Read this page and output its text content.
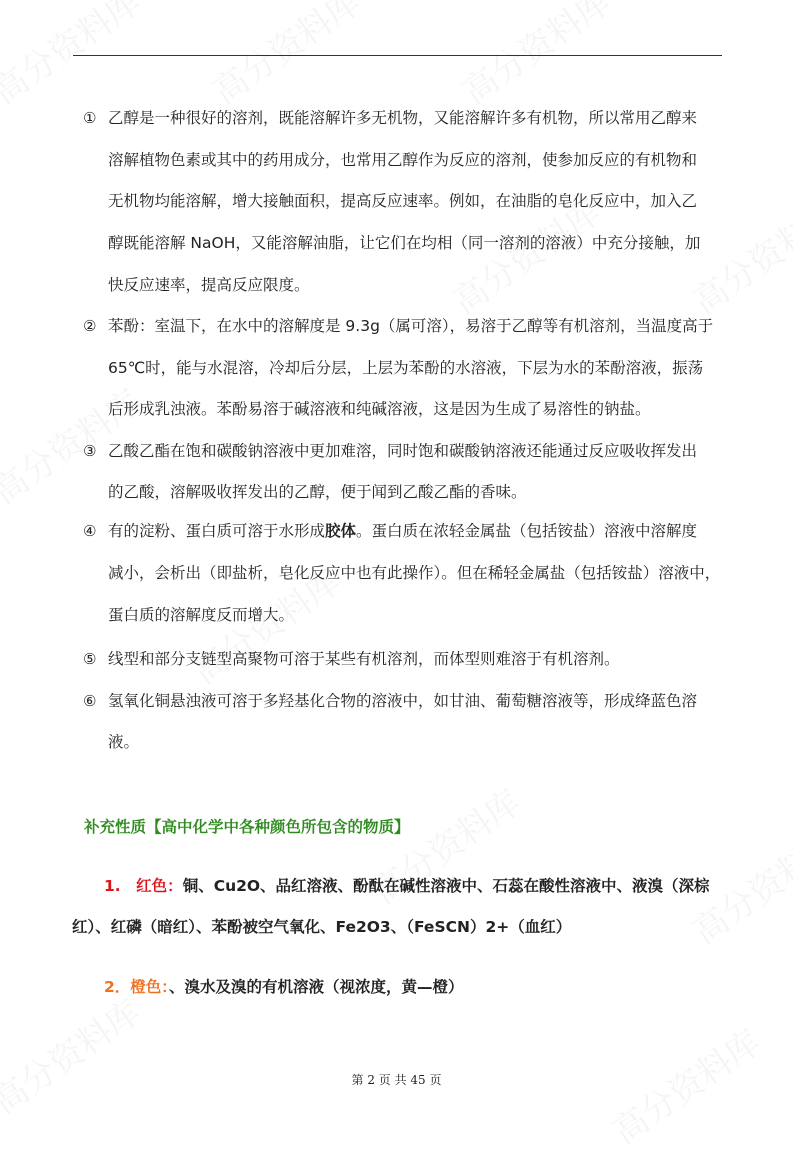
① 乙醇是一种很好的溶剂，既能溶解许多无机物，又能溶解许多有机物，所以常用乙醇来
溶解植物色素或其中的药用成分，也常用乙醇作为反应的溶剂，使参加反应的有机物和
无机物均能溶解，增大接触面积，提高反应速率。例如，在油脂的皂化反应中，加入乙
醇既能溶解 NaOH，又能溶解油脂，让它们在均相（同一溶剂的溶液）中充分接触，加
快反应速率，提高反应限度。
② 苯酚：室温下，在水中的溶解度是 9.3g（属可溶），易溶于乙醇等有机溶剂，当温度高于
65℃时，能与水混溶，冷却后分层，上层为苯酚的水溶液，下层为水的苯酚溶液，振荡
后形成乳浊液。苯酚易溶于碱溶液和纯碱溶液，这是因为生成了易溶性的钠盐。
③ 乙酸乙酯在饱和碳酸钠溶液中更加难溶，同时饱和碳酸钠溶液还能通过反应吸收挥发出
的乙酸，溶解吸收挥发出的乙醇，便于闻到乙酸乙酯的香味。
④ 有的淀粉、蛋白质可溶于水形成胶体。蛋白质在浓轻金属盐（包括铵盐）溶液中溶解度
减小，会析出（即盐析，皂化反应中也有此操作）。但在稀轻金属盐（包括铵盐）溶液中，
蛋白质的溶解度反而增大。
⑤ 线型和部分支链型高聚物可溶于某些有机溶剂，而体型则难溶于有机溶剂。
⑥ 氢氧化铜悬浊液可溶于多羟基化合物的溶液中，如甘油、葡萄糖溶液等，形成绛蓝色溶
液。
补充性质【高中化学中各种颜色所包含的物质】
1.　红色：铜、Cu2O、品红溶液、酚酞在碱性溶液中、石蕊在酸性溶液中、液溴（深棕
红）、红磷（暗红）、苯酚被空气氧化、Fe2O3、（FeSCN）2+（血红）
2．橙色：、溴水及溴的有机溶液（视浓度，黄—橙）
第 2 页 共 45 页
